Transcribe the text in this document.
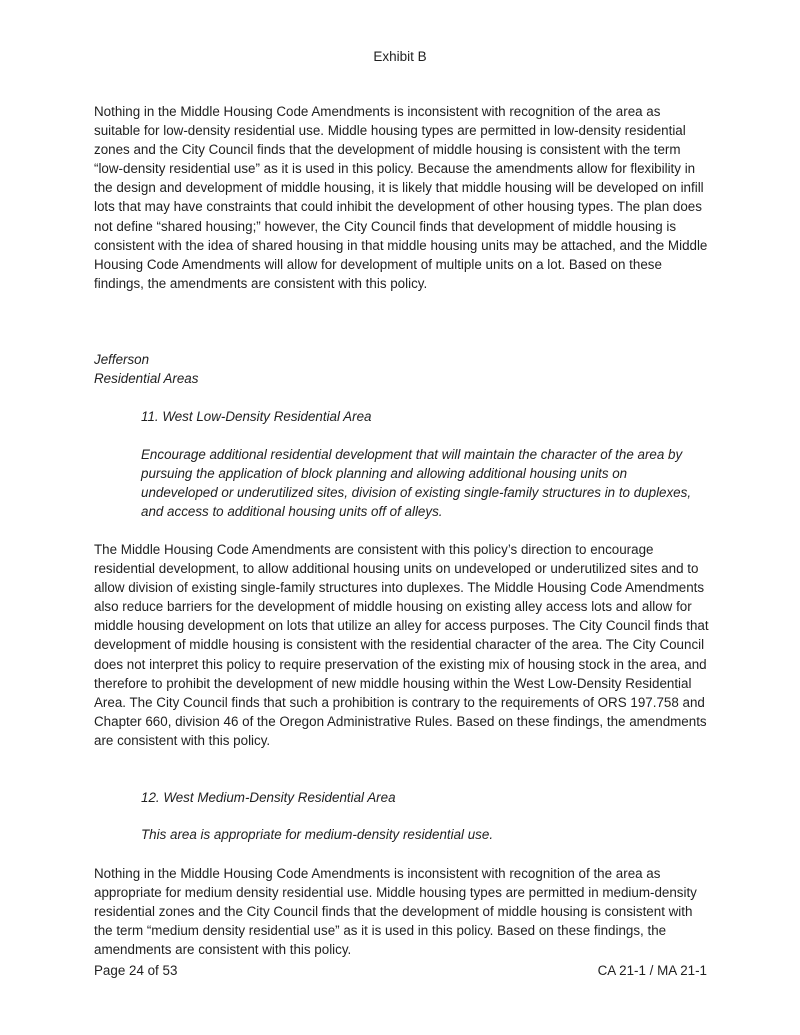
Exhibit B

Nothing in the Middle Housing Code Amendments is inconsistent with recognition of the area as suitable for low-density residential use. Middle housing types are permitted in low-density residential zones and the City Council finds that the development of middle housing is consistent with the term “low-density residential use” as it is used in this policy. Because the amendments allow for flexibility in the design and development of middle housing, it is likely that middle housing will be developed on infill lots that may have constraints that could inhibit the development of other housing types. The plan does not define “shared housing;” however, the City Council finds that development of middle housing is consistent with the idea of shared housing in that middle housing units may be attached, and the Middle Housing Code Amendments will allow for development of multiple units on a lot. Based on these findings, the amendments are consistent with this policy.

Jefferson

Residential Areas

11. West Low-Density Residential Area

Encourage additional residential development that will maintain the character of the area by pursuing the application of block planning and allowing additional housing units on undeveloped or underutilized sites, division of existing single-family structures in to duplexes, and access to additional housing units off of alleys.

The Middle Housing Code Amendments are consistent with this policy’s direction to encourage residential development, to allow additional housing units on undeveloped or underutilized sites and to allow division of existing single-family structures into duplexes. The Middle Housing Code Amendments also reduce barriers for the development of middle housing on existing alley access lots and allow for middle housing development on lots that utilize an alley for access purposes. The City Council finds that development of middle housing is consistent with the residential character of the area. The City Council does not interpret this policy to require preservation of the existing mix of housing stock in the area, and therefore to prohibit the development of new middle housing within the West Low-Density Residential Area. The City Council finds that such a prohibition is contrary to the requirements of ORS 197.758 and Chapter 660, division 46 of the Oregon Administrative Rules. Based on these findings, the amendments are consistent with this policy.

12. West Medium-Density Residential Area

This area is appropriate for medium-density residential use.

Nothing in the Middle Housing Code Amendments is inconsistent with recognition of the area as appropriate for medium density residential use. Middle housing types are permitted in medium-density residential zones and the City Council finds that the development of middle housing is consistent with the term “medium density residential use” as it is used in this policy. Based on these findings, the amendments are consistent with this policy.

Page 24 of 53	CA 21-1 / MA 21-1
